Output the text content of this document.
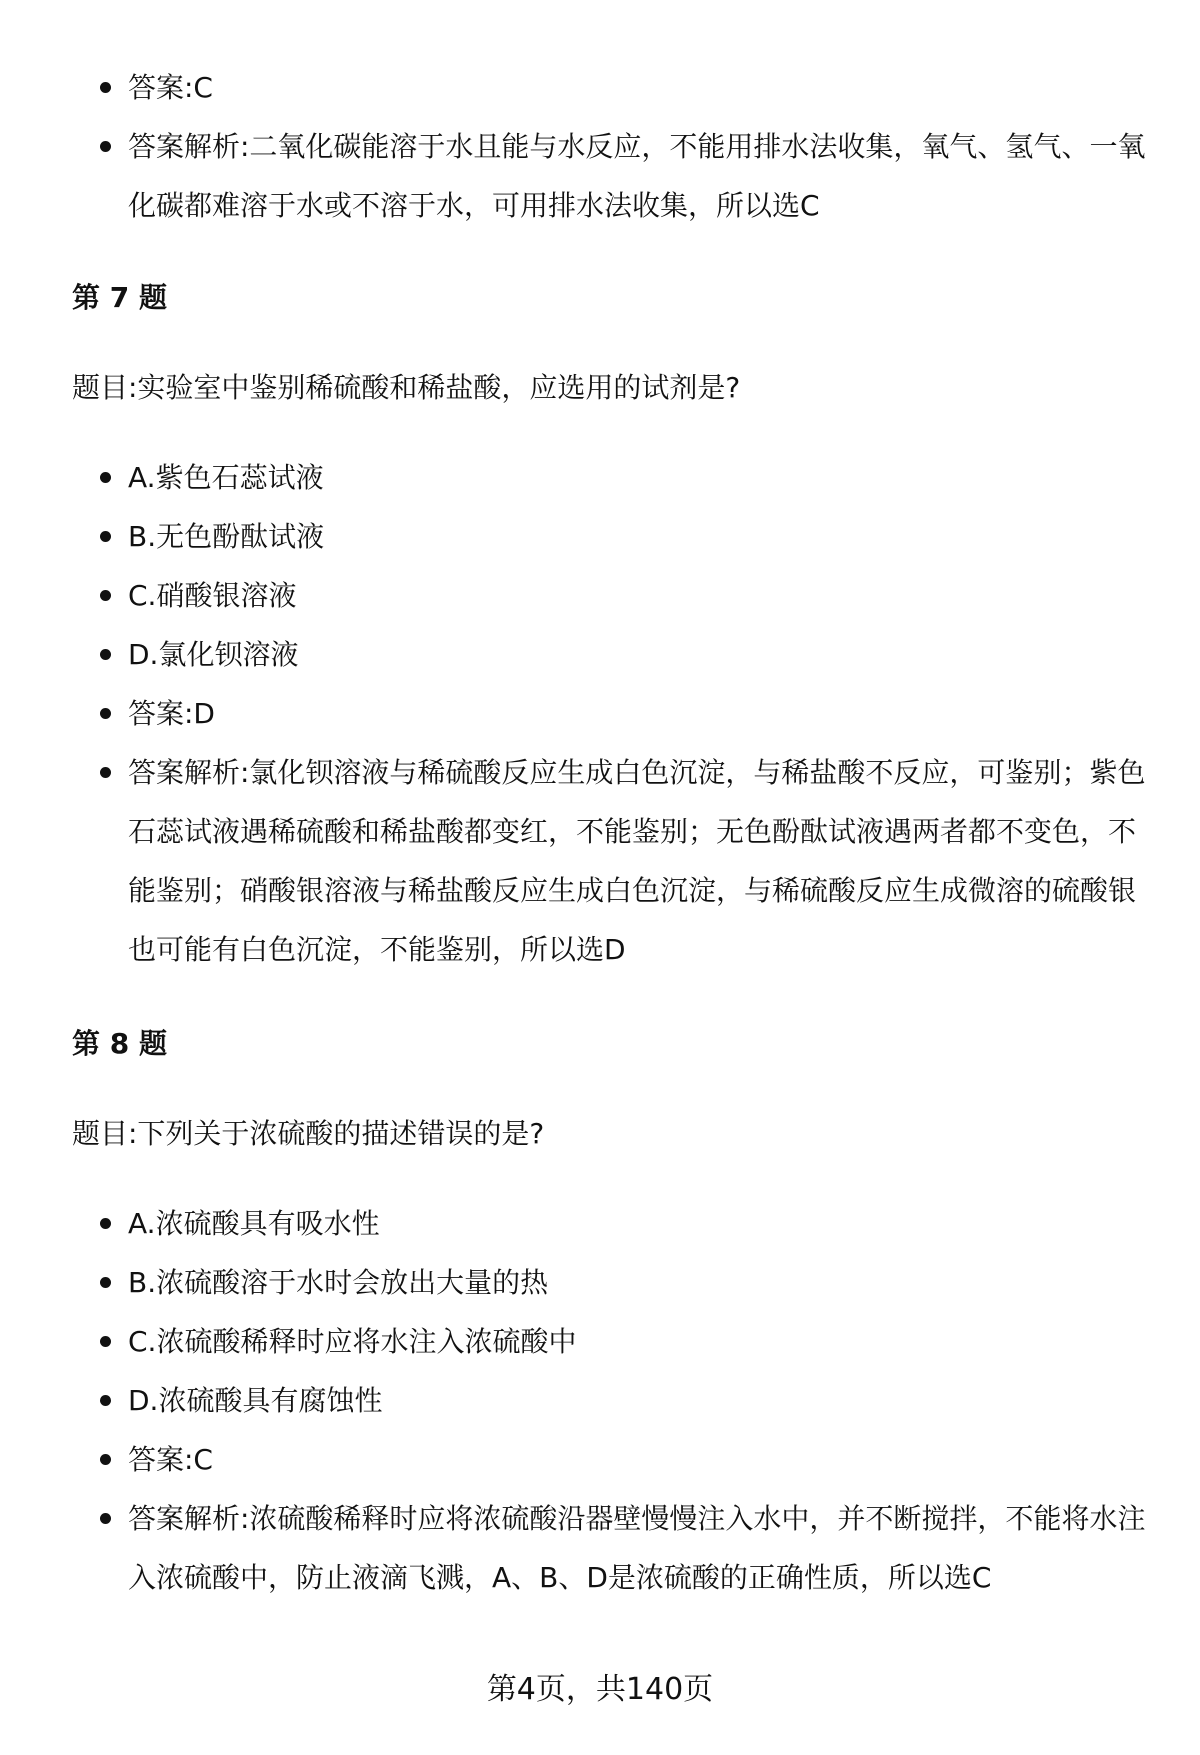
答案:C
答案解析:二氧化碳能溶于水且能与水反应，不能用排水法收集，氧气、氢气、一氧化碳都难溶于水或不溶于水，可用排水法收集，所以选C
第 7 题
题目:实验室中鉴别稀硫酸和稀盐酸，应选用的试剂是?
A.紫色石蕊试液
B.无色酚酞试液
C.硝酸银溶液
D.氯化钡溶液
答案:D
答案解析:氯化钡溶液与稀硫酸反应生成白色沉淀，与稀盐酸不反应，可鉴别；紫色石蕊试液遇稀硫酸和稀盐酸都变红，不能鉴别；无色酚酞试液遇两者都不变色，不能鉴别；硝酸银溶液与稀盐酸反应生成白色沉淀，与稀硫酸反应生成微溶的硫酸银也可能有白色沉淀，不能鉴别，所以选D
第 8 题
题目:下列关于浓硫酸的描述错误的是?
A.浓硫酸具有吸水性
B.浓硫酸溶于水时会放出大量的热
C.浓硫酸稀释时应将水注入浓硫酸中
D.浓硫酸具有腐蚀性
答案:C
答案解析:浓硫酸稀释时应将浓硫酸沿器壁慢慢注入水中，并不断搅拌，不能将水注入浓硫酸中，防止液滴飞溅，A、B、D是浓硫酸的正确性质，所以选C
第4页，共140页
